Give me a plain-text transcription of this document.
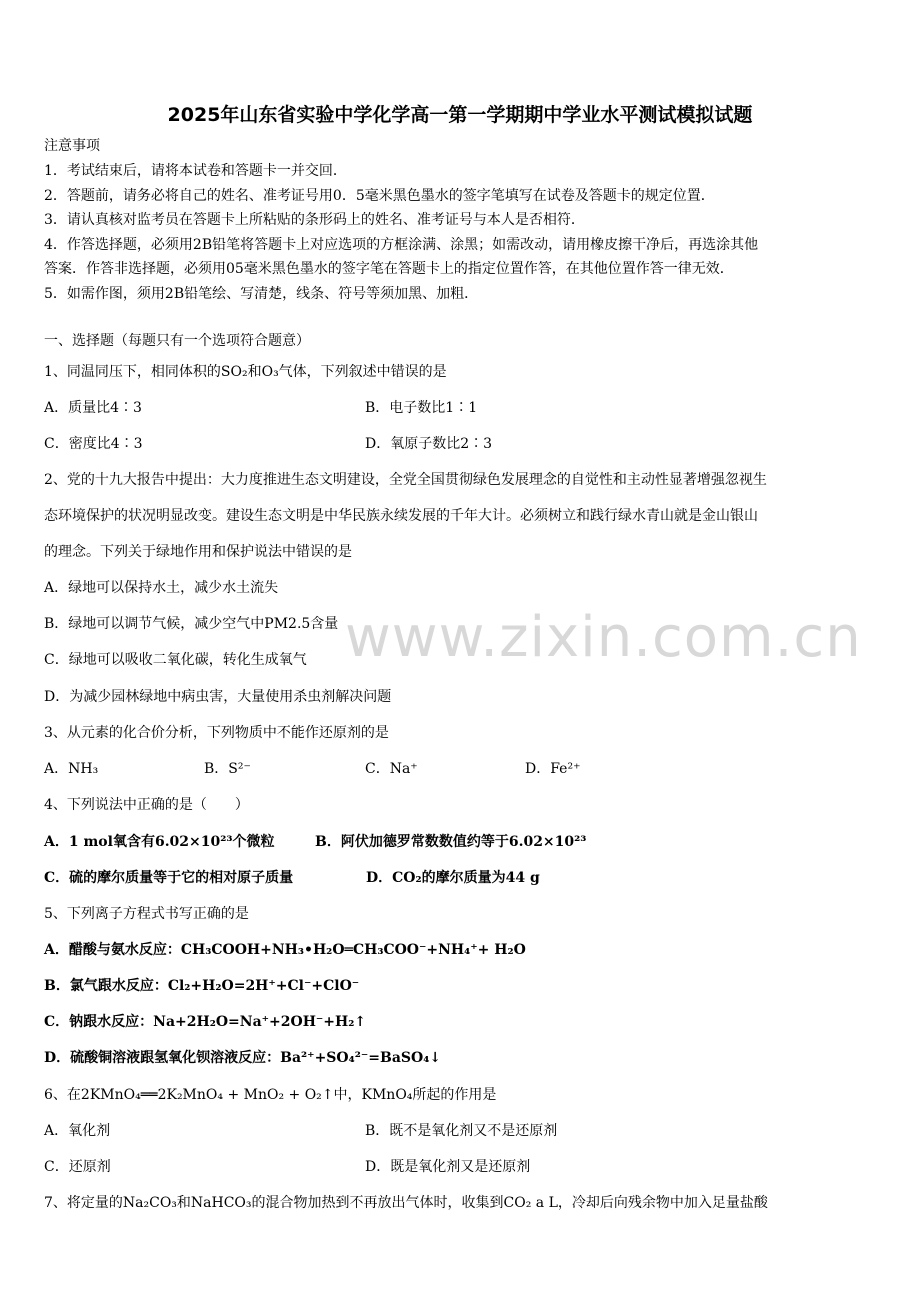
2025年山东省实验中学化学高一第一学期期中学业水平测试模拟试题
注意事项
1．考试结束后，请将本试卷和答题卡一并交回．
2．答题前，请务必将自己的姓名、准考证号用0．5毫米黑色墨水的签字笔填写在试卷及答题卡的规定位置．
3．请认真核对监考员在答题卡上所粘贴的条形码上的姓名、准考证号与本人是否相符．
4．作答选择题，必须用2B铅笔将答题卡上对应选项的方框涂满、涂黑；如需改动，请用橡皮擦干净后，再选涂其他
答案．作答非选择题，必须用05毫米黑色墨水的签字笔在答题卡上的指定位置作答，在其他位置作答一律无效．
5．如需作图，须用2B铅笔绘、写清楚，线条、符号等须加黑、加粗．
一、选择题（每题只有一个选项符合题意）
1、同温同压下，相同体积的SO₂和O₃气体，下列叙述中错误的是
A．质量比4∶3	B．电子数比1∶1
C．密度比4∶3	D．氧原子数比2∶3
2、党的十九大报告中提出：大力度推进生态文明建设，全党全国贯彻绿色发展理念的自觉性和主动性显著增强忽视生
态环境保护的状况明显改变。建设生态文明是中华民族永续发展的千年大计。必须树立和践行绿水青山就是金山银山
的理念。下列关于绿地作用和保护说法中错误的是
A．绿地可以保持水土，减少水土流失
B．绿地可以调节气候，减少空气中PM2.5含量
C．绿地可以吸收二氧化碳，转化生成氧气
D．为减少园林绿地中病虫害，大量使用杀虫剂解决问题
3、从元素的化合价分析，下列物质中不能作还原剂的是
A．NH₃	B．S²⁻	C．Na⁺	D．Fe²⁺
4、下列说法中正确的是（　　）
A．1 mol氧含有6.02×10²³个微粒	B．阿伏加德罗常数数值约等于6.02×10²³
C．硫的摩尔质量等于它的相对原子质量	D．CO₂的摩尔质量为44 g
5、下列离子方程式书写正确的是
A．醋酸与氨水反应：CH₃COOH+NH₃•H₂O═CH₃COO⁻+NH₄⁺+ H₂O
B．氯气跟水反应：Cl₂+H₂O=2H⁺+Cl⁻+ClO⁻
C．钠跟水反应：Na+2H₂O=Na⁺+2OH⁻+H₂↑
D．硫酸铜溶液跟氢氧化钡溶液反应：Ba²⁺+SO₄²⁻=BaSO₄↓
6、在2KMnO₄══2K₂MnO₄ + MnO₂ + O₂↑中，KMnO₄所起的作用是
A．氧化剂	B．既不是氧化剂又不是还原剂
C．还原剂	D．既是氧化剂又是还原剂
7、将定量的Na₂CO₃和NaHCO₃的混合物加热到不再放出气体时，收集到CO₂ a L，冷却后向残余物中加入足量盐酸
www.zixin.com.cn
